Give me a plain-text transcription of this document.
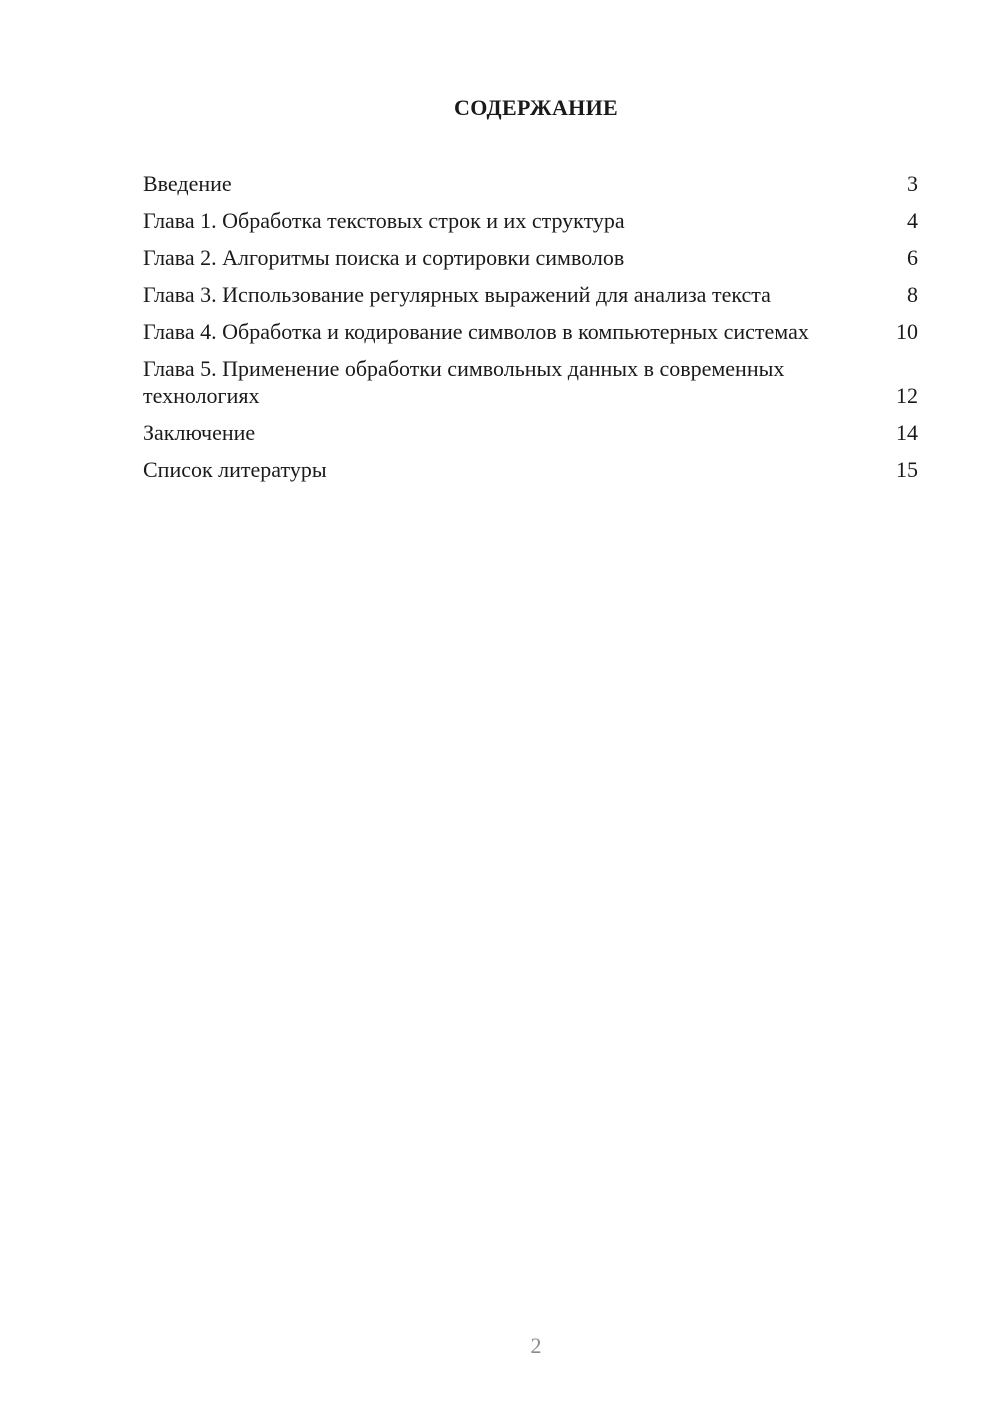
СОДЕРЖАНИЕ
Введение	3
Глава 1. Обработка текстовых строк и их структура	4
Глава 2. Алгоритмы поиска и сортировки символов	6
Глава 3. Использование регулярных выражений для анализа текста	8
Глава 4. Обработка и кодирование символов в компьютерных системах	10
Глава 5. Применение обработки символьных данных в современных технологиях	12
Заключение	14
Список литературы	15
2
